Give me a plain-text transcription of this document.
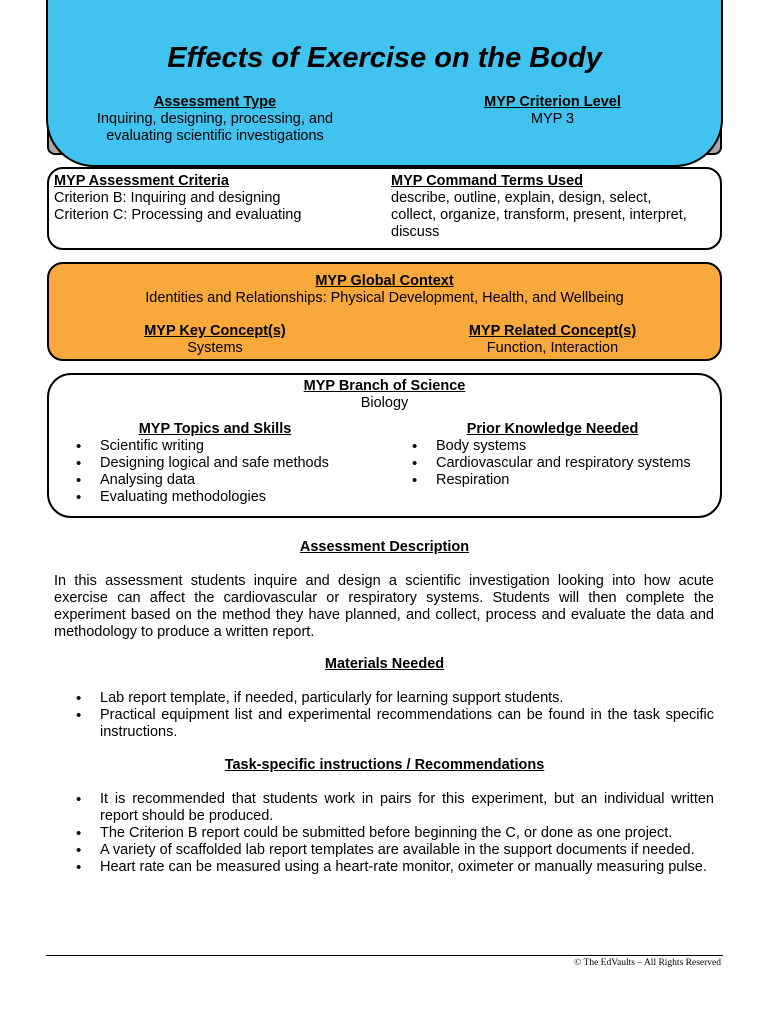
Effects of Exercise on the Body
Assessment Type
Inquiring, designing, processing, and
evaluating scientific investigations
MYP Criterion Level
MYP 3
MYP Assessment Criteria
Criterion B: Inquiring and designing
Criterion C: Processing and evaluating
MYP Command Terms Used
describe, outline, explain, design, select,
collect, organize, transform, present, interpret,
discuss
MYP Global Context
Identities and Relationships: Physical Development, Health, and Wellbeing
MYP Key Concept(s)
Systems
MYP Related Concept(s)
Function, Interaction
MYP Branch of Science
Biology
MYP Topics and Skills
• Scientific writing
• Designing logical and safe methods
• Analysing data
• Evaluating methodologies
Prior Knowledge Needed
• Body systems
• Cardiovascular and respiratory systems
• Respiration
Assessment Description
In this assessment students inquire and design a scientific investigation looking into how acute exercise can affect the cardiovascular or respiratory systems. Students will then complete the experiment based on the method they have planned, and collect, process and evaluate the data and methodology to produce a written report.
Materials Needed
• Lab report template, if needed, particularly for learning support students.
• Practical equipment list and experimental recommendations can be found in the task specific instructions.
Task-specific instructions / Recommendations
• It is recommended that students work in pairs for this experiment, but an individual written report should be produced.
• The Criterion B report could be submitted before beginning the C, or done as one project.
• A variety of scaffolded lab report templates are available in the support documents if needed.
• Heart rate can be measured using a heart-rate monitor, oximeter or manually measuring pulse.
© The EdVaults – All Rights Reserved
